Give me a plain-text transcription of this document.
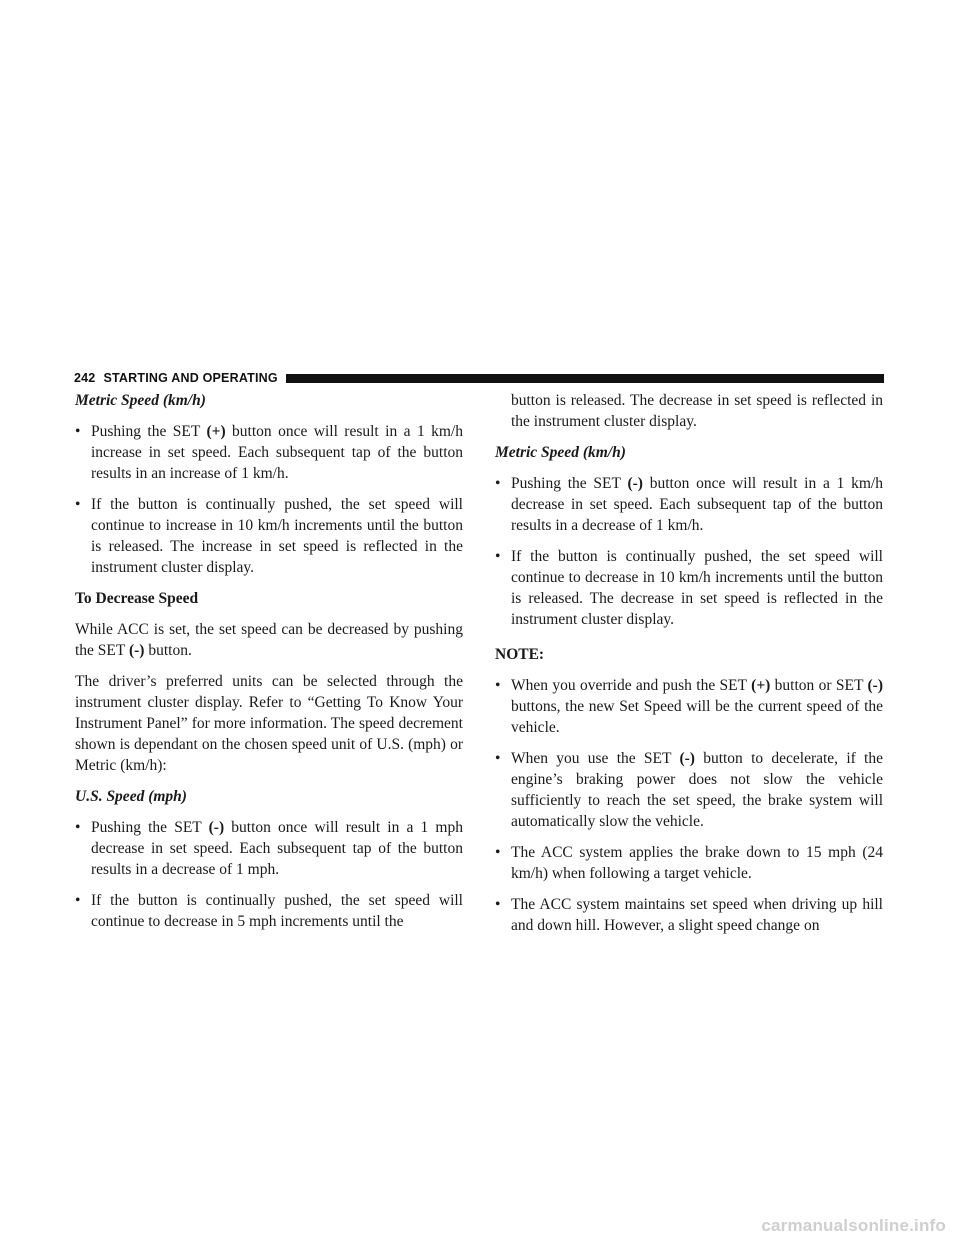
242 STARTING AND OPERATING
Metric Speed (km/h)
• Pushing the SET (+) button once will result in a 1 km/h increase in set speed. Each subsequent tap of the button results in an increase of 1 km/h.
• If the button is continually pushed, the set speed will continue to increase in 10 km/h increments until the button is released. The increase in set speed is reflected in the instrument cluster display.
To Decrease Speed

While ACC is set, the set speed can be decreased by pushing the SET (-) button.

The driver’s preferred units can be selected through the instrument cluster display. Refer to “Getting To Know Your Instrument Panel” for more information. The speed decrement shown is dependant on the chosen speed unit of U.S. (mph) or Metric (km/h):

U.S. Speed (mph)
• Pushing the SET (-) button once will result in a 1 mph decrease in set speed. Each subsequent tap of the button results in a decrease of 1 mph.
• If the button is continually pushed, the set speed will continue to decrease in 5 mph increments until the
button is released. The decrease in set speed is reflected in the instrument cluster display.
Metric Speed (km/h)
• Pushing the SET (-) button once will result in a 1 km/h decrease in set speed. Each subsequent tap of the button results in a decrease of 1 km/h.
• If the button is continually pushed, the set speed will continue to decrease in 10 km/h increments until the button is released. The decrease in set speed is reflected in the instrument cluster display.
NOTE:
• When you override and push the SET (+) button or SET (-) buttons, the new Set Speed will be the current speed of the vehicle.
• When you use the SET (-) button to decelerate, if the engine’s braking power does not slow the vehicle sufficiently to reach the set speed, the brake system will automatically slow the vehicle.
• The ACC system applies the brake down to 15 mph (24 km/h) when following a target vehicle.
• The ACC system maintains set speed when driving up hill and down hill. However, a slight speed change on
carmanualsonline.info
